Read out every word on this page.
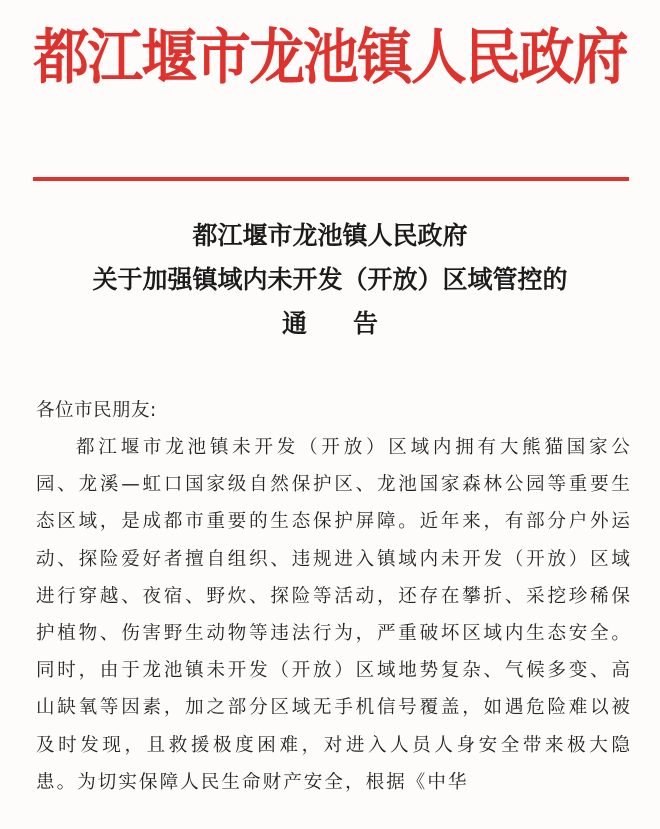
都江堰市龙池镇人民政府
都江堰市龙池镇人民政府
关于加强镇域内未开发（开放）区域管控的
通告
各位市民朋友:
都江堰市龙池镇未开发（开放）区域内拥有大熊猫国家公园、龙溪—虹口国家级自然保护区、龙池国家森林公园等重要生态区域，是成都市重要的生态保护屏障。近年来，有部分户外运动、探险爱好者擅自组织、违规进入镇域内未开发（开放）区域进行穿越、夜宿、野炊、探险等活动，还存在攀折、采挖珍稀保护植物、伤害野生动物等违法行为，严重破坏区域内生态安全。同时，由于龙池镇未开发（开放）区域地势复杂、气候多变、高山缺氧等因素，加之部分区域无手机信号覆盖，如遇危险难以被及时发现，且救援极度困难，对进入人员人身安全带来极大隐患。为切实保障人民生命财产安全，根据《中华
